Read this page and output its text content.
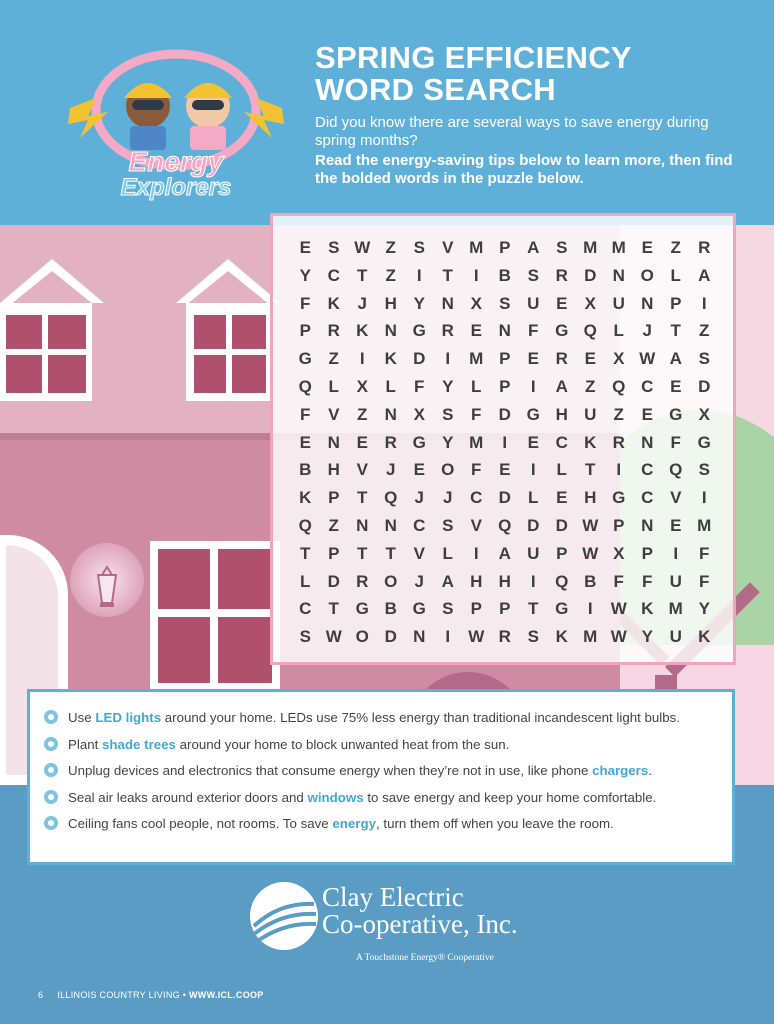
Energy
Explorers
SPRING EFFICIENCY
WORD SEARCH
Did you know there are several ways to save energy during spring months?
Read the energy-saving tips below to learn more, then find the bolded words in the puzzle below.
E	S W Z	S	V M P A S M M E	Z	R
Y C	T	Z	I	T	I	B S R D N O L	A
F	K	J	H Y N X	S U E	X U N P	I
P R K N G R E N	F G Q L	J	T	Z
G Z	I	K D	I	M P	E R E	X W A S
Q L	X	L	F	Y	L	P	I	A	Z Q C E D
F	V	Z	N X	S	F	D G H U	Z	E G X
E N E R G Y M	I	E C K R N	F G
B H V	J	E O F	E	I	L	T	I	C Q S
K P	T Q	J	J	C D	L	E H G C V	I
Q Z	N N C S	V Q D D W P N E M
T	P	T	T	V	L	I	A U P W X	P	I	F
L	D R O	J	A H H	I	Q B	F	F	U	F
C	T G B G S	P	P	T G	I	W K M Y
S W O D N	I	W R S K M W Y U K
Use LED lights around your home. LEDs use 75% less energy than traditional incandescent light bulbs.
Plant shade trees around your home to block unwanted heat from the sun.
Unplug devices and electronics that consume energy when they’re not in use, like phone chargers.
Seal air leaks around exterior doors and windows to save energy and keep your home comfortable.
Ceiling fans cool people, not rooms. To save energy, turn them off when you leave the room.
Clay Electric
Co-operative, Inc.
A Touchstone Energy® Cooperative
6 ILLINOIS COUNTRY LIVING • WWW.ICL.COOP
